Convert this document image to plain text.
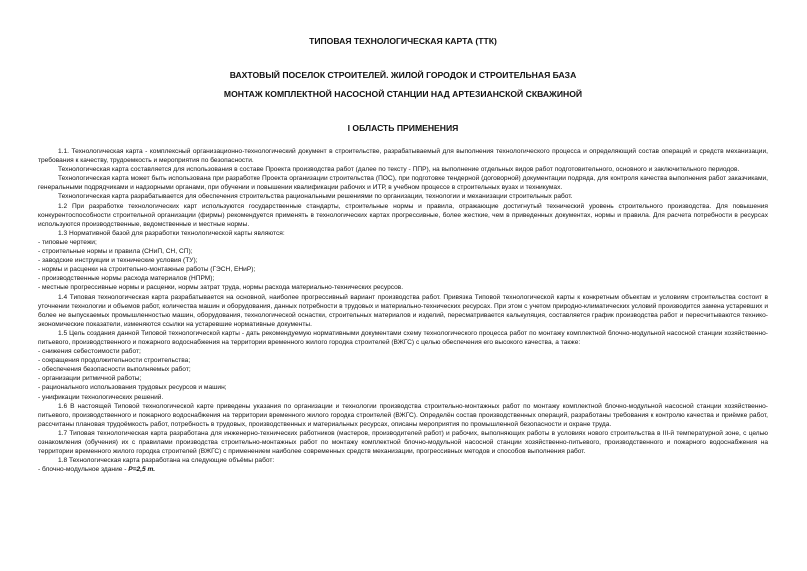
ТИПОВАЯ ТЕХНОЛОГИЧЕСКАЯ КАРТА (ТТК)
ВАХТОВЫЙ ПОСЕЛОК СТРОИТЕЛЕЙ. ЖИЛОЙ ГОРОДОК И СТРОИТЕЛЬНАЯ БАЗА
МОНТАЖ КОМПЛЕКТНОЙ НАСОСНОЙ СТАНЦИИ НАД АРТЕЗИАНСКОЙ СКВАЖИНОЙ
I ОБЛАСТЬ ПРИМЕНЕНИЯ

1.1. Технологическая карта - комплексный организационно-технологический документ в строительстве, разрабатываемый для выполнения технологического процесса и определяющий состав операций и средств механизации, требования к качеству, трудоемкость и мероприятия по безопасности.

Технологическая карта составляется для использования в составе Проекта производства работ (далее по тексту - ППР), на выполнение отдельных видов работ подготовительного, основного и заключительного периодов.

Технологическая карта может быть использована при разработке Проекта организации строительства (ПОС), при подготовке тендерной (договорной) документации подряда, для контроля качества выполнения работ заказчиками, генеральными подрядчиками и надзорными органами, при обучении и повышении квалификации рабочих и ИТР, в учебном процессе в строительных вузах и техникумах.

Технологическая карта разрабатывается для обеспечения строительства рациональными решениями по организации, технологии и механизации строительных работ.

1.2 При разработке технологических карт используются государственные стандарты, строительные нормы и правила, отражающие достигнутый технический уровень строительного производства. Для повышения конкурентоспособности строительной организации (фирмы) рекомендуется применять в технологических картах прогрессивные, более жесткие, чем в приведенных документах, нормы и правила. Для расчета потребности в ресурсах используются производственные, ведомственные и местные нормы.

1.3 Нормативной базой для разработки технологической карты являются:

- типовые чертежи;

- строительные нормы и правила (СНиП, СН, СП);

- заводские инструкции и технические условия (ТУ);

- нормы и расценки на строительно-монтажные работы (ГЭСН, ЕНиР);

- производственные нормы расхода материалов (НПРМ);

- местные прогрессивные нормы и расценки, нормы затрат труда, нормы расхода материально-технических ресурсов.

1.4 Типовая технологическая карта разрабатывается на основной, наиболее прогрессивный вариант производства работ. Привязка Типовой технологической карты к конкретным объектам и условиям строительства состоит в уточнении технологии и объемов работ, количества машин и оборудования, данных потребности в трудовых и материально-технических ресурсах. При этом с учетом природно-климатических условий производится замена устаревших и более не выпускаемых промышленностью машин, оборудования, технологической оснастки, строительных материалов и изделий, пересматривается калькуляция, составляется график производства работ и пересчитываются технико-экономические показатели, изменяются ссылки на устаревшие нормативные документы.

1.5 Цель создания данной Типовой технологической карты - дать рекомендуемую нормативными документами схему технологического процесса работ по монтажу комплектной блочно-модульной насосной станции хозяйственно-питьевого, производственного и пожарного водоснабжения на территории временного жилого городка строителей (ВЖГС) с целью обеспечения его высокого качества, а также:

- снижения себестоимости работ;

- сокращения продолжительности строительства;

- обеспечения безопасности выполняемых работ;

- организации ритмичной работы;

- рационального использования трудовых ресурсов и машин;

- унификации технологических решений.

1.6 В настоящей Типовой технологической карте приведены указания по организации и технологии производства строительно-монтажных работ по монтажу комплектной блочно-модульной насосной станции хозяйственно-питьевого, производственного и пожарного водоснабжения на территории временного жилого городка строителей (ВЖГС). Определён состав производственных операций, разработаны требования к контролю качества и приёмке работ, рассчитаны плановая трудоёмкость работ, потребность в трудовых, производственных и материальных ресурсах, описаны мероприятия по промышленной безопасности и охране труда.

1.7 Типовая технологическая карта разработана для инженерно-технических работников (мастеров, производителей работ) и рабочих, выполняющих работы в условиях нового строительства в III-й температурной зоне, с целью ознакомления (обучения) их с правилами производства строительно-монтажных работ по монтажу комплектной блочно-модульной насосной станции хозяйственно-питьевого, производственного и пожарного водоснабжения на территории временного жилого городка строителей (ВЖГС) с применением наиболее современных средств механизации, прогрессивных методов и способов выполнения работ.

1.8 Технологическая карта разработана на следующие объёмы работ:

- блочно-модульное здание - Р=2,5 т.
